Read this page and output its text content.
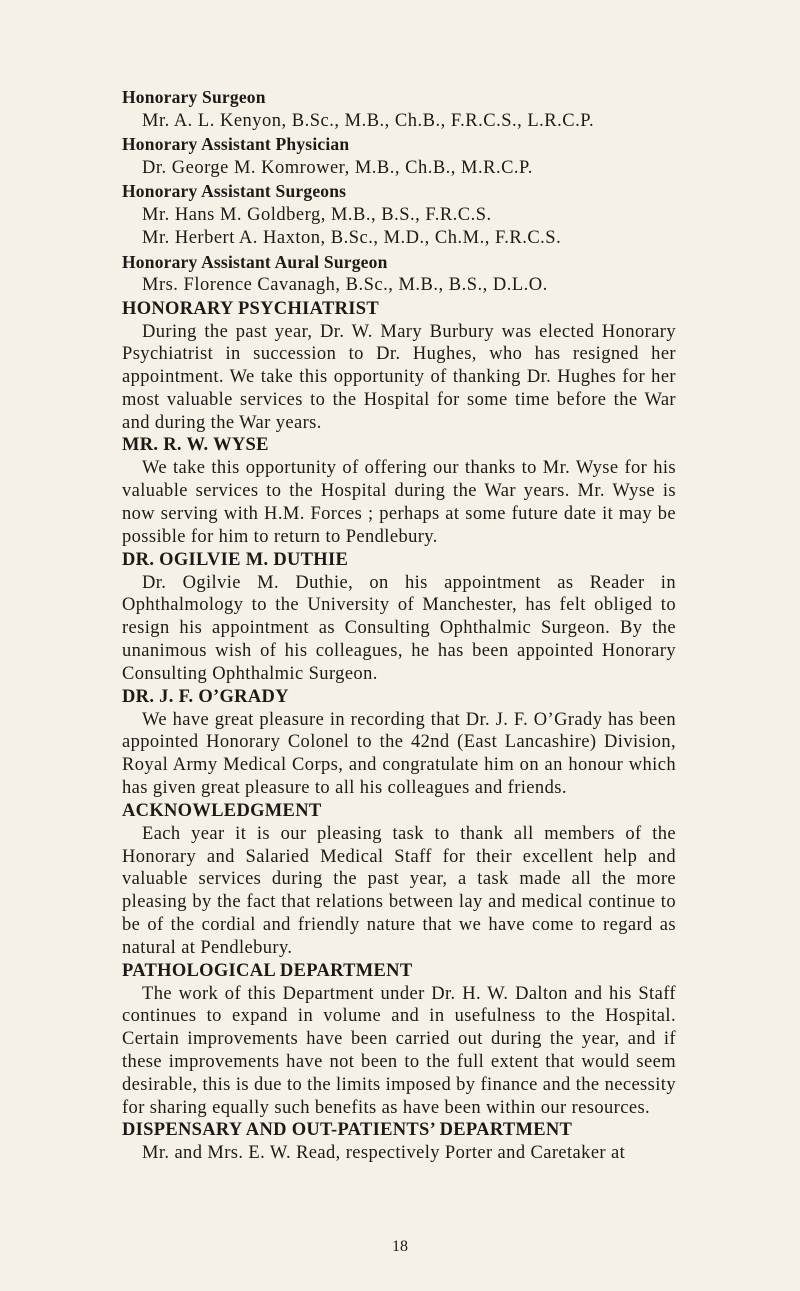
Honorary Surgeon

Mr. A. L. Kenyon, B.Sc., M.B., Ch.B., F.R.C.S., L.R.C.P.

Honorary Assistant Physician

Dr. George M. Komrower, M.B., Ch.B., M.R.C.P.

Honorary Assistant Surgeons

Mr. Hans M. Goldberg, M.B., B.S., F.R.C.S.

Mr. Herbert A. Haxton, B.Sc., M.D., Ch.M., F.R.C.S.

Honorary Assistant Aural Surgeon

Mrs. Florence Cavanagh, B.Sc., M.B., B.S., D.L.O.

HONORARY PSYCHIATRIST

During the past year, Dr. W. Mary Burbury was elected Honorary Psychiatrist in succession to Dr. Hughes, who has resigned her appointment. We take this opportunity of thanking Dr. Hughes for her most valuable services to the Hospital for some time before the War and during the War years.

MR. R. W. WYSE

We take this opportunity of offering our thanks to Mr. Wyse for his valuable services to the Hospital during the War years. Mr. Wyse is now serving with H.M. Forces ; perhaps at some future date it may be possible for him to return to Pendlebury.

DR. OGILVIE M. DUTHIE

Dr. Ogilvie M. Duthie, on his appointment as Reader in Ophthalmology to the University of Manchester, has felt obliged to resign his appointment as Consulting Ophthalmic Surgeon. By the unanimous wish of his colleagues, he has been appointed Honorary Consulting Ophthalmic Surgeon.

DR. J. F. O’GRADY

We have great pleasure in recording that Dr. J. F. O’Grady has been appointed Honorary Colonel to the 42nd (East Lancashire) Division, Royal Army Medical Corps, and congratulate him on an honour which has given great pleasure to all his colleagues and friends.

ACKNOWLEDGMENT

Each year it is our pleasing task to thank all members of the Honorary and Salaried Medical Staff for their excellent help and valuable services during the past year, a task made all the more pleasing by the fact that relations between lay and medical continue to be of the cordial and friendly nature that we have come to regard as natural at Pendlebury.

PATHOLOGICAL DEPARTMENT

The work of this Department under Dr. H. W. Dalton and his Staff continues to expand in volume and in usefulness to the Hospital. Certain improvements have been carried out during the year, and if these improvements have not been to the full extent that would seem desirable, this is due to the limits imposed by finance and the necessity for sharing equally such benefits as have been within our resources.

DISPENSARY AND OUT-PATIENTS’ DEPARTMENT

Mr. and Mrs. E. W. Read, respectively Porter and Caretaker at

18
